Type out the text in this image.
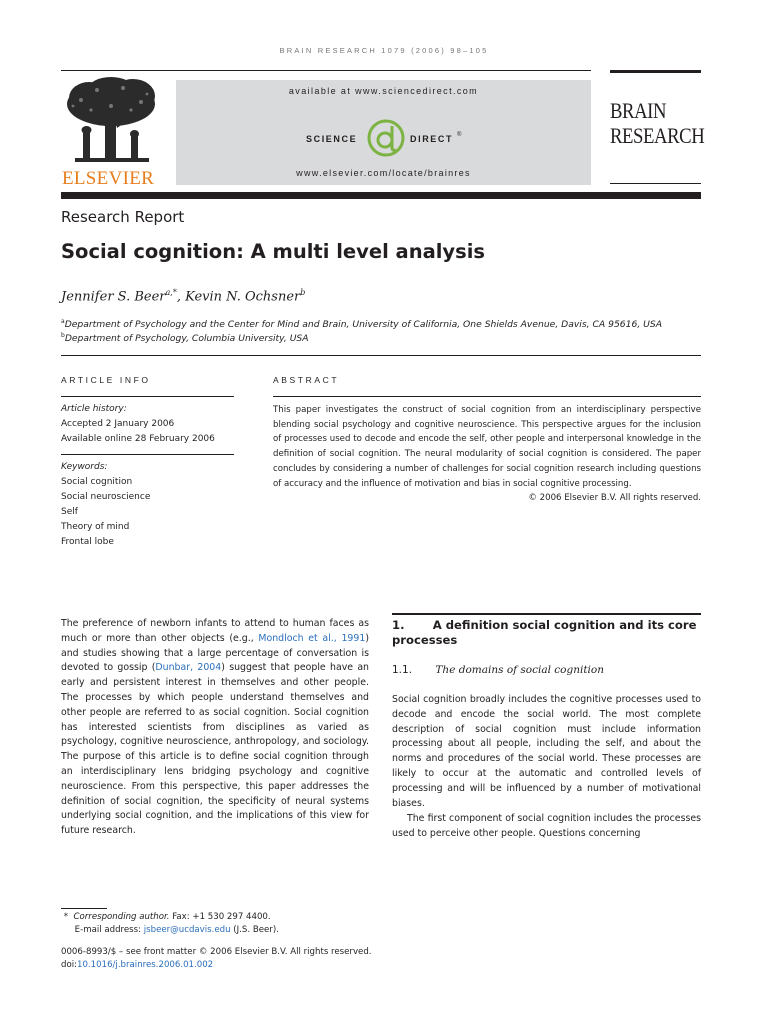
BRAIN RESEARCH 1079 (2006) 98–105
ELSEVIER
available at www.sciencedirect.com
SCIENCE	DIRECT ®
www.elsevier.com/locate/brainres
BRAIN
RESEARCH
Research Report
Social cognition: A multi level analysis
Jennifer S. Beer$^{a,*}$, Kevin N. Ochsner$^b$
$^a$Department of Psychology and the Center for Mind and Brain, University of California, One Shields Avenue, Davis, CA 95616, USA
$^b$Department of Psychology, Columbia University, USA
ARTICLE INFO
Article history:
Accepted 2 January 2006
Available online 28 February 2006
Keywords:
Social cognition
Social neuroscience
Self
Theory of mind
Frontal lobe
ABSTRACT
This paper investigates the construct of social cognition from an interdisciplinary perspective blending social psychology and cognitive neuroscience. This perspective argues for the inclusion of processes used to decode and encode the self, other people and interpersonal knowledge in the definition of social cognition. The neural modularity of social cognition is considered. The paper concludes by considering a number of challenges for social cognition research including questions of accuracy and the influence of motivation and bias in social cognitive processing.
© 2006 Elsevier B.V. All rights reserved.
The preference of newborn infants to attend to human faces as much or more than other objects (e.g., Mondloch et al., 1991) and studies showing that a large percentage of conversation is devoted to gossip (Dunbar, 2004) suggest that people have an early and persistent interest in themselves and other people. The processes by which people understand themselves and other people are referred to as social cognition. Social cognition has interested scientists from disciplines as varied as psychology, cognitive neuroscience, anthropology, and sociology. The purpose of this article is to define social cognition through an interdisciplinary lens bridging psychology and cognitive neuroscience. From this perspective, this paper addresses the definition of social cognition, the specificity of neural systems underlying social cognition, and the implications of this view for future research.
1. A definition social cognition and its core processes
1.1. The domains of social cognition
Social cognition broadly includes the cognitive processes used to decode and encode the social world. The most complete description of social cognition must include information processing about all people, including the self, and about the norms and procedures of the social world. These processes are likely to occur at the automatic and controlled levels of processing and will be influenced by a number of motivational biases.
The first component of social cognition includes the processes used to perceive other people. Questions concerning
* Corresponding author. Fax: +1 530 297 4400.
E-mail address: jsbeer@ucdavis.edu (J.S. Beer).
0006-8993/$ – see front matter © 2006 Elsevier B.V. All rights reserved.
doi:10.1016/j.brainres.2006.01.002
